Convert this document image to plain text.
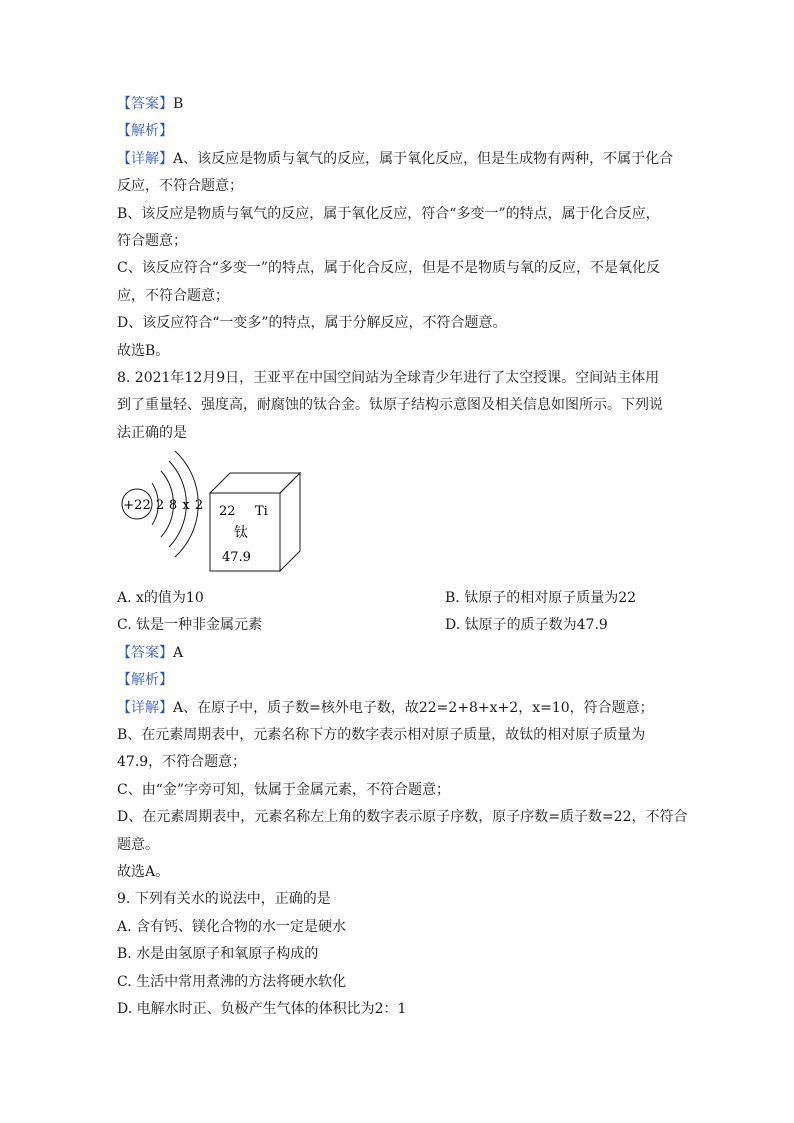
【答案】B
【解析】
【详解】A、该反应是物质与氧气的反应，属于氧化反应，但是生成物有两种，不属于化合
反应，不符合题意；
B、该反应是物质与氧气的反应，属于氧化反应，符合“多变一”的特点，属于化合反应，
符合题意；
C、该反应符合“多变一”的特点，属于化合反应，但是不是物质与氧的反应，不是氧化反
应，不符合题意；
D、该反应符合“一变多”的特点，属于分解反应，不符合题意。
故选B。
8. 2021年12月9日，王亚平在中国空间站为全球青少年进行了太空授课。空间站主体用
到了重量轻、强度高，耐腐蚀的钛合金。钛原子结构示意图及相关信息如图所示。下列说
法正确的是
+22 2 8 x 2 22 Ti
钛
47.9
A. x的值为10	B. 钛原子的相对原子质量为22
C. 钛是一种非金属元素	D. 钛原子的质子数为47.9
【答案】A
【解析】
【详解】A、在原子中，质子数=核外电子数，故22=2+8+x+2，x=10，符合题意；
B、在元素周期表中，元素名称下方的数字表示相对原子质量，故钛的相对原子质量为
47.9，不符合题意；
C、由“金”字旁可知，钛属于金属元素，不符合题意；
D、在元素周期表中，元素名称左上角的数字表示原子序数，原子序数=质子数=22，不符合
题意。
故选A。
9. 下列有关水的说法中，正确的是
A. 含有钙、镁化合物的水一定是硬水
B. 水是由氢原子和氧原子构成的
C. 生活中常用煮沸的方法将硬水软化
D. 电解水时正、负极产生气体的体积比为2：1
